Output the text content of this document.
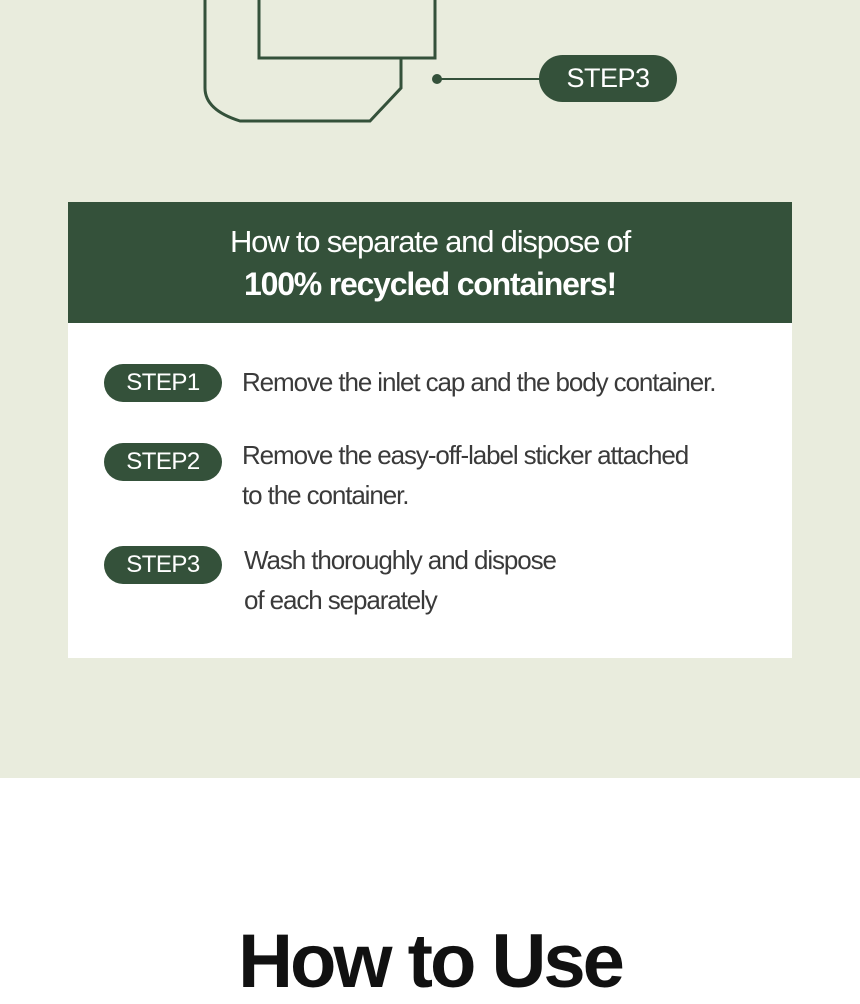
STEP3
How to separate and dispose of
100% recycled containers!
STEP1	Remove the inlet cap and the body container.
STEP2	Remove the easy-off-label sticker attached
to the container.
STEP3	Wash thoroughly and dispose
of each separately
How to Use
